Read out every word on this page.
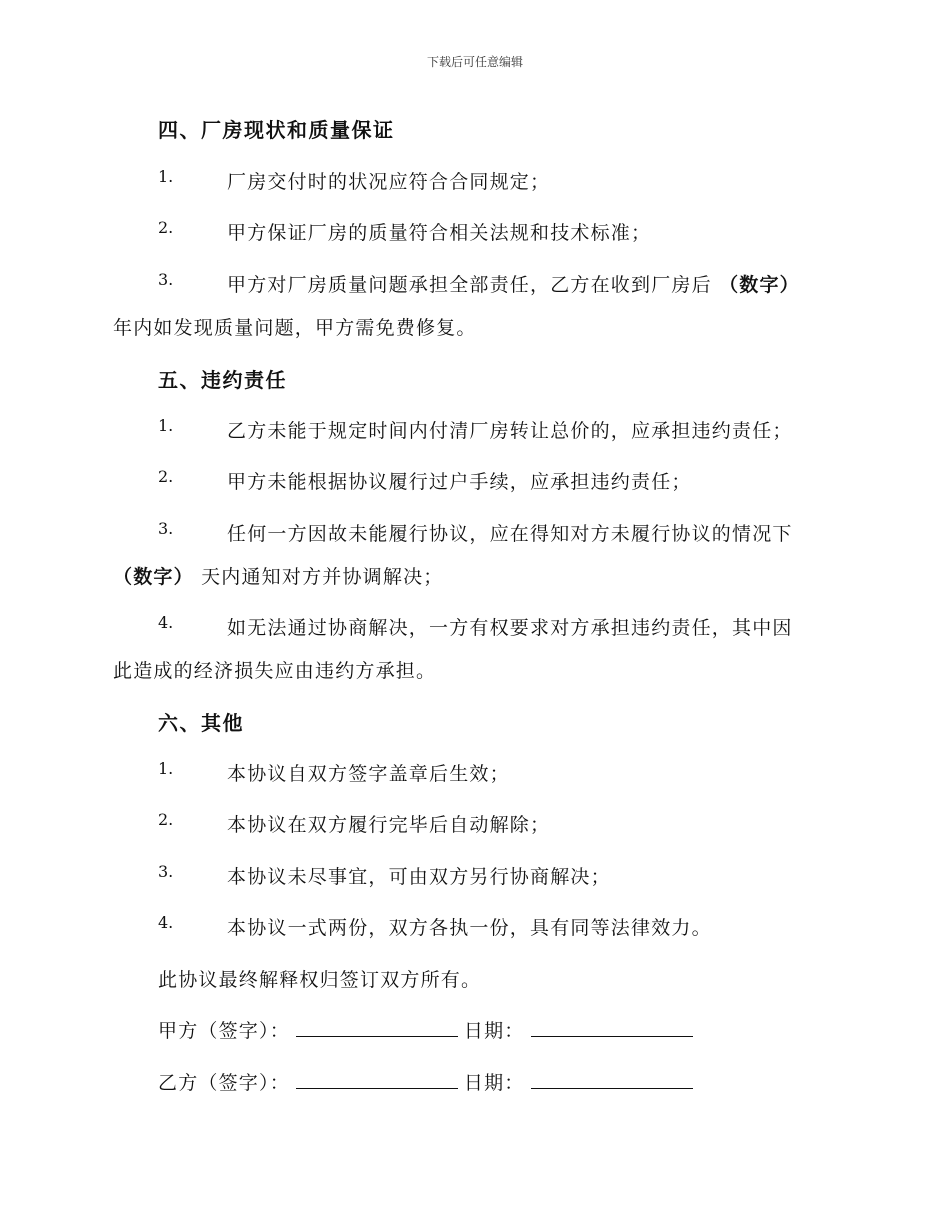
下载后可任意编辑
四、厂房现状和质量保证
1.	厂房交付时的状况应符合合同规定；
2.	甲方保证厂房的质量符合相关法规和技术标准；
3.	甲方对厂房质量问题承担全部责任，乙方在收到厂房后 （数字）
年内如发现质量问题，甲方需免费修复。
五、违约责任
1.	乙方未能于规定时间内付清厂房转让总价的，应承担违约责任；
2.	甲方未能根据协议履行过户手续，应承担违约责任；
3.	任何一方因故未能履行协议，应在得知对方未履行协议的情况下
（数字） 天内通知对方并协调解决；
4.	如无法通过协商解决，一方有权要求对方承担违约责任，其中因
此造成的经济损失应由违约方承担。
六、其他
1.	本协议自双方签字盖章后生效；
2.	本协议在双方履行完毕后自动解除；
3.	本协议未尽事宜，可由双方另行协商解决；
4.	本协议一式两份，双方各执一份，具有同等法律效力。
此协议最终解释权归签订双方所有。
甲方（签字）：	日期：
乙方（签字）：	日期：
